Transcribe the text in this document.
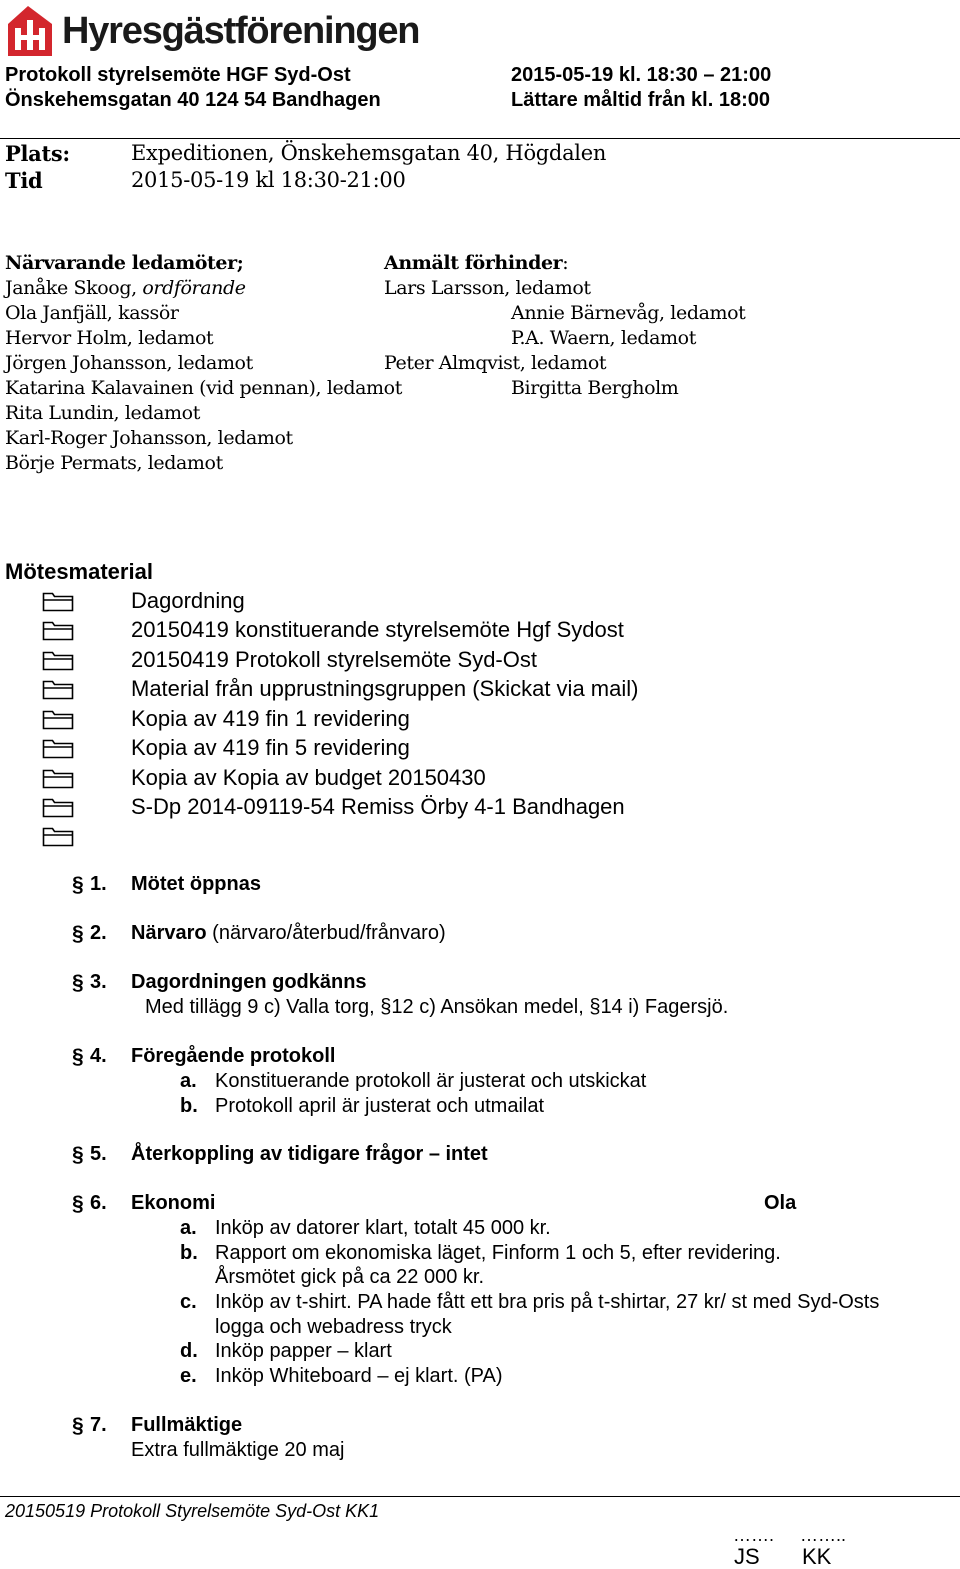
Hyresgästföreningen
Protokoll styrelsemöte HGF Syd-Ost
Önskehemsgatan 40 124 54 Bandhagen
2015-05-19 kl. 18:30 – 21:00
Lättare måltid från kl. 18:00
Plats:	Expeditionen, Önskehemsgatan 40, Högdalen
Tid	2015-05-19 kl 18:30-21:00
Närvarande ledamöter;
Janåke Skoog, ordförande
Ola Janfjäll, kassör
Hervor Holm, ledamot
Jörgen Johansson, ledamot
Katarina Kalavainen (vid pennan), ledamot
Rita Lundin, ledamot
Karl-Roger Johansson, ledamot
Börje Permats, ledamot
Anmält förhinder:
Lars Larsson, ledamot
Annie Bärnevåg, ledamot
P.A. Waern, ledamot
Peter Almqvist, ledamot
Birgitta Bergholm
Mötesmaterial
Dagordning
20150419 konstituerande styrelsemöte Hgf Sydost
20150419 Protokoll styrelsemöte Syd-Ost
Material från upprustningsgruppen (Skickat via mail)
Kopia av 419 fin 1 revidering
Kopia av 419 fin 5 revidering
Kopia av Kopia av budget 20150430
S-Dp 2014-09119-54 Remiss Örby 4-1 Bandhagen
§ 1. Mötet öppnas
§ 2. Närvaro (närvaro/återbud/frånvaro)
§ 3. Dagordningen godkänns
Med tillägg 9 c) Valla torg, §12 c) Ansökan medel, §14 i) Fagersjö.
§ 4. Föregående protokoll
a. Konstituerande protokoll är justerat och utskickat
b. Protokoll april är justerat och utmailat
§ 5. Återkoppling av tidigare frågor – intet
§ 6. Ekonomi	Ola
a. Inköp av datorer klart, totalt 45 000 kr.
b. Rapport om ekonomiska läget, Finform 1 och 5, efter revidering.
Årsmötet gick på ca 22 000 kr.
c. Inköp av t-shirt. PA hade fått ett bra pris på t-shirtar, 27 kr/ st med Syd-Osts
logga och webadress tryck
d. Inköp papper – klart
e. Inköp Whiteboard – ej klart. (PA)
§ 7. Fullmäktige
Extra fullmäktige 20 maj
20150519 Protokoll Styrelsemöte Syd-Ost KK1
…….
JS
……..
KK
